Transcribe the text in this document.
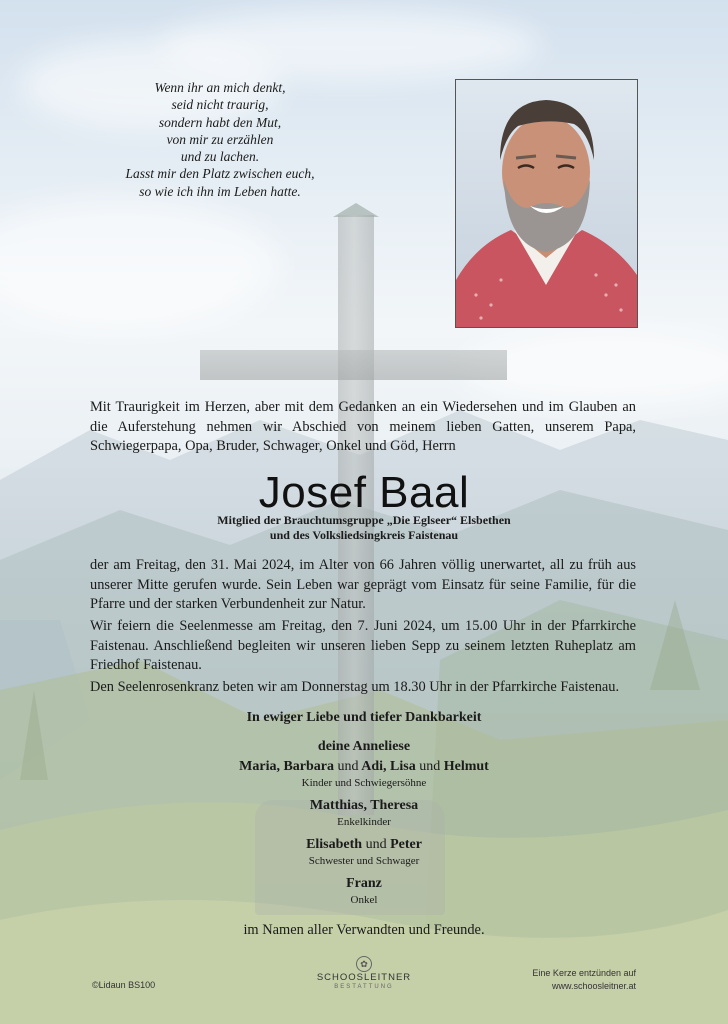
Wenn ihr an mich denkt,
seid nicht traurig,
sondern habt den Mut,
von mir zu erzählen
und zu lachen.
Lasst mir den Platz zwischen euch,
so wie ich ihn im Leben hatte.
Mit Traurigkeit im Herzen, aber mit dem Gedanken an ein Wiedersehen und im Glauben an die Auferstehung nehmen wir Abschied von meinem lieben Gatten, unserem Papa, Schwiegerpapa, Opa, Bruder, Schwager, Onkel und Göd, Herrn
Josef Baal
Mitglied der Brauchtumsgruppe „Die Eglseer“ Elsbethen
und des Volksliedsingkreis Faistenau
der am Freitag, den 31. Mai 2024, im Alter von 66 Jahren völlig unerwartet, all zu früh aus unserer Mitte gerufen wurde. Sein Leben war geprägt vom Einsatz für seine Familie, für die Pfarre und der starken Verbundenheit zur Natur.
Wir feiern die Seelenmesse am Freitag, den 7. Juni 2024, um 15.00 Uhr in der Pfarrkirche Faistenau. Anschließend begleiten wir unseren lieben Sepp zu seinem letzten Ruheplatz am Friedhof Faistenau.
Den Seelenrosenkranz beten wir am Donnerstag um 18.30 Uhr in der Pfarrkirche Faistenau.
In ewiger Liebe und tiefer Dankbarkeit
deine Anneliese
Maria, Barbara und Adi, Lisa und Helmut
Kinder und Schwiegersöhne
Matthias, Theresa
Enkelkinder
Elisabeth und Peter
Schwester und Schwager
Franz
Onkel
im Namen aller Verwandten und Freunde.
©Lidaun BS100
✿
SCHOOSLEITNER
BESTATTUNG
Eine Kerze entzünden auf
www.schoosleitner.at
